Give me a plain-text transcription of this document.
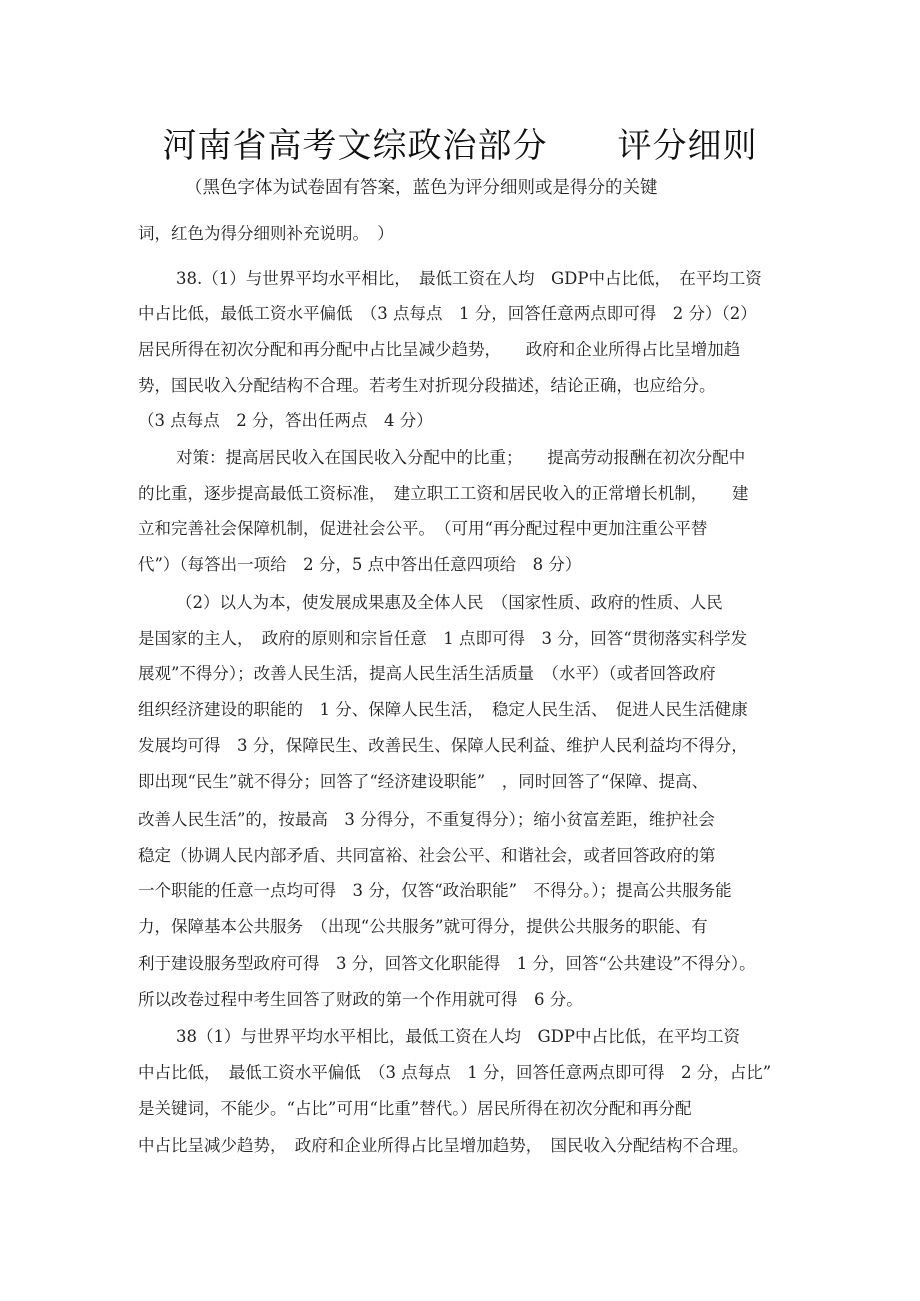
河南省高考文综政治部分 评分细则
（黑色字体为试卷固有答案，蓝色为评分细则或是得分的关键
词，红色为得分细则补充说明。　）
38.（1）与世界平均水平相比，　最低工资在人均　GDP中占比低，　在平均工资
中占比低，最低工资水平偏低　（3 点每点　1 分，回答任意两点即可得　2 分）（2）
居民所得在初次分配和再分配中占比呈减少趋势，　　政府和企业所得占比呈增加趋
势，国民收入分配结构不合理。若考生对折现分段描述，结论正确，也应给分。
（3 点每点　2 分，答出任两点　4 分）
对策：提高居民收入在国民收入分配中的比重；　　提高劳动报酬在初次分配中
的比重，逐步提高最低工资标准，　建立职工工资和居民收入的正常增长机制，　　建
立和完善社会保障机制，促进社会公平。　（可用“再分配过程中更加注重公平替
代”）（每答出一项给　2 分，5 点中答出任意四项给　8 分）
（2）以人为本，使发展成果惠及全体人民　（国家性质、政府的性质、人民
是国家的主人，　政府的原则和宗旨任意　1 点即可得　3 分，回答“贯彻落实科学发
展观”不得分）；改善人民生活，提高人民生活生活质量　（水平）（或者回答政府
组织经济建设的职能的　1 分、保障人民生活，　稳定人民生活、　促进人民生活健康
发展均可得　3 分，保障民生、改善民生、保障人民利益、维护人民利益均不得分，
即出现“民生”就不得分；回答了“经济建设职能”　，同时回答了“保障、提高、
改善人民生活”的，按最高　3 分得分，不重复得分）；缩小贫富差距，维护社会
稳定（协调人民内部矛盾、共同富裕、社会公平、和谐社会，或者回答政府的第
一个职能的任意一点均可得　3 分，仅答“政治职能”　不得分。）；提高公共服务能
力，保障基本公共服务　（出现“公共服务”就可得分，提供公共服务的职能、有
利于建设服务型政府可得　3 分，回答文化职能得　1 分，回答“公共建设”不得分）。
所以改卷过程中考生回答了财政的第一个作用就可得　6 分。
38（1）与世界平均水平相比，最低工资在人均　GDP中占比低，在平均工资
中占比低，　最低工资水平偏低　（3 点每点　1 分，回答任意两点即可得　2 分，占比”
是关键词，不能少。“占比”可用“比重”替代。）居民所得在初次分配和再分配
中占比呈减少趋势，　政府和企业所得占比呈增加趋势，　国民收入分配结构不合理。
